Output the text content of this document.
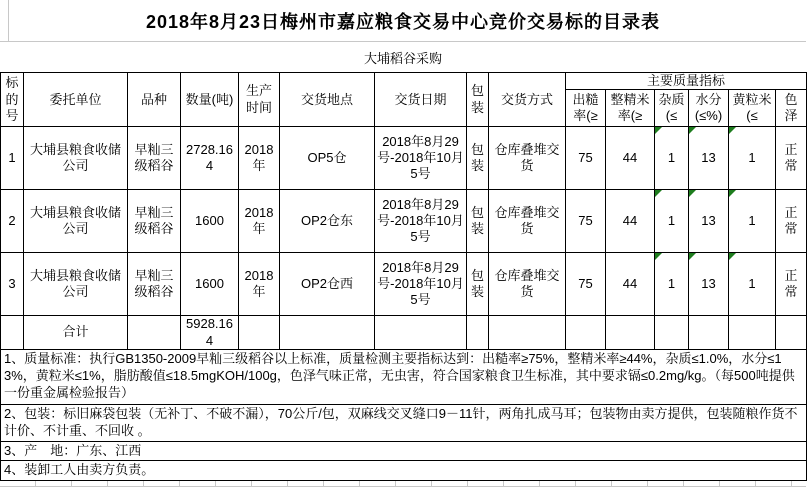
2018年8月23日梅州市嘉应粮食交易中心竞价交易标的目录表
大埔稻谷采购
标的号	委托单位	品种	数量(吨)	生产时间	交货地点	交货日期	包装	交货方式	主要质量指标					
									出糙率(≥	整精米率(≥	杂质(≤	水分(≤%)	黄粒米(≤	色泽
1	大埔县粮食收储公司	早籼三级稻谷	2728.164	2018年	OP5仓	2018年8月29号-2018年10月5号	包装	仓库叠堆交货	75	44	1	13	1	正常
2	大埔县粮食收储公司	早籼三级稻谷	1600	2018年	OP2仓东	2018年8月29号-2018年10月5号	包装	仓库叠堆交货	75	44	1	13	1	正常
3	大埔县粮食收储公司	早籼三级稻谷	1600	2018年	OP2仓西	2018年8月29号-2018年10月5号	包装	仓库叠堆交货	75	44	1	13	1	正常
	合计		5928.164											
1、质量标准：执行GB1350-2009早籼三级稻谷以上标准，质量检测主要指标达到：出糙率≥75%，整精米率≥44%，杂质≤1.0%，水分≤13%，黄粒米≤1%，脂肪酸值≤18.5mgKOH/100g，色泽气味正常，无虫害，符合国家粮食卫生标准，其中要求镉≤0.2mg/kg。（每500吨提供一份重金属检验报告）														
2、包装：标旧麻袋包装（无补丁、不破不漏），70公斤/包，双麻线交叉缝口9－11针，两角扎成马耳；包装物由卖方提供，包装随粮作货不计价、不计重、不回收 。														
3、产　地：广东、江西														
4、装卸工人由卖方负责。														
